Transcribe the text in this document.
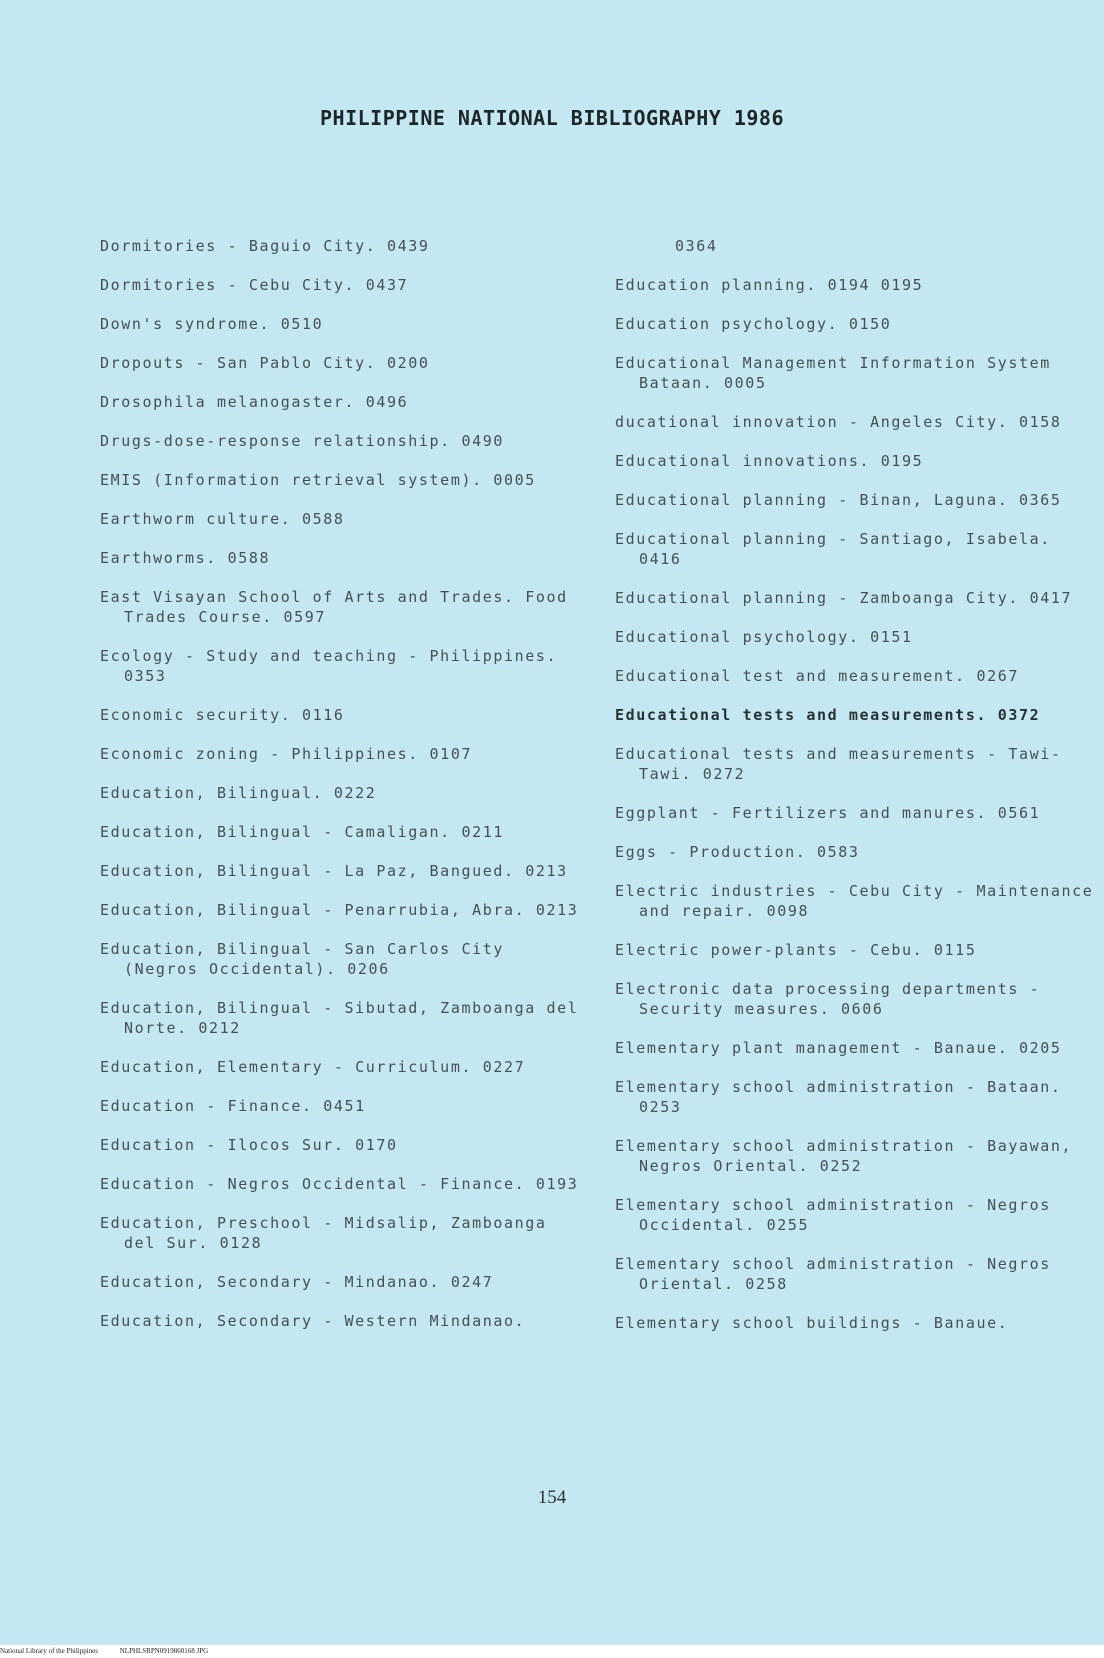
PHILIPPINE NATIONAL BIBLIOGRAPHY 1986
Dormitories - Baguio City. 0439
Dormitories - Cebu City. 0437
Down's syndrome. 0510
Dropouts - San Pablo City. 0200
Drosophila melanogaster. 0496
Drugs-dose-response relationship. 0490
EMIS (Information retrieval system). 0005
Earthworm culture. 0588
Earthworms. 0588
East Visayan School of Arts and Trades. Food Trades Course. 0597
Ecology - Study and teaching - Philippines. 0353
Economic security. 0116
Economic zoning - Philippines. 0107
Education, Bilingual. 0222
Education, Bilingual - Camaligan. 0211
Education, Bilingual - La Paz, Bangued. 0213
Education, Bilingual - Penarrubia, Abra. 0213
Education, Bilingual - San Carlos City (Negros Occidental). 0206
Education, Bilingual - Sibutad, Zamboanga del Norte. 0212
Education, Elementary - Curriculum. 0227
Education - Finance. 0451
Education - Ilocos Sur. 0170
Education - Negros Occidental - Finance. 0193
Education, Preschool - Midsalip, Zamboanga del Sur. 0128
Education, Secondary - Mindanao. 0247
Education, Secondary - Western Mindanao.
0364
Education planning. 0194 0195
Education psychology. 0150
Educational Management Information System Bataan. 0005
ducational innovation - Angeles City. 0158
Educational innovations. 0195
Educational planning - Binan, Laguna. 0365
Educational planning - Santiago, Isabela. 0416
Educational planning - Zamboanga City. 0417
Educational psychology. 0151
Educational test and measurement. 0267
Educational tests and measurements. 0372
Educational tests and measurements - Tawi-Tawi. 0272
Eggplant - Fertilizers and manures. 0561
Eggs - Production. 0583
Electric industries - Cebu City - Maintenance and repair. 0098
Electric power-plants - Cebu. 0115
Electronic data processing departments - Security measures. 0606
Elementary plant management - Banaue. 0205
Elementary school administration - Bataan. 0253
Elementary school administration - Bayawan, Negros Oriental. 0252
Elementary school administration - Negros Occidental. 0255
Elementary school administration - Negros Oriental. 0258
Elementary school buildings - Banaue.
154
National Library of the Philippines	NLPHLSRPN0919860168 JPG
